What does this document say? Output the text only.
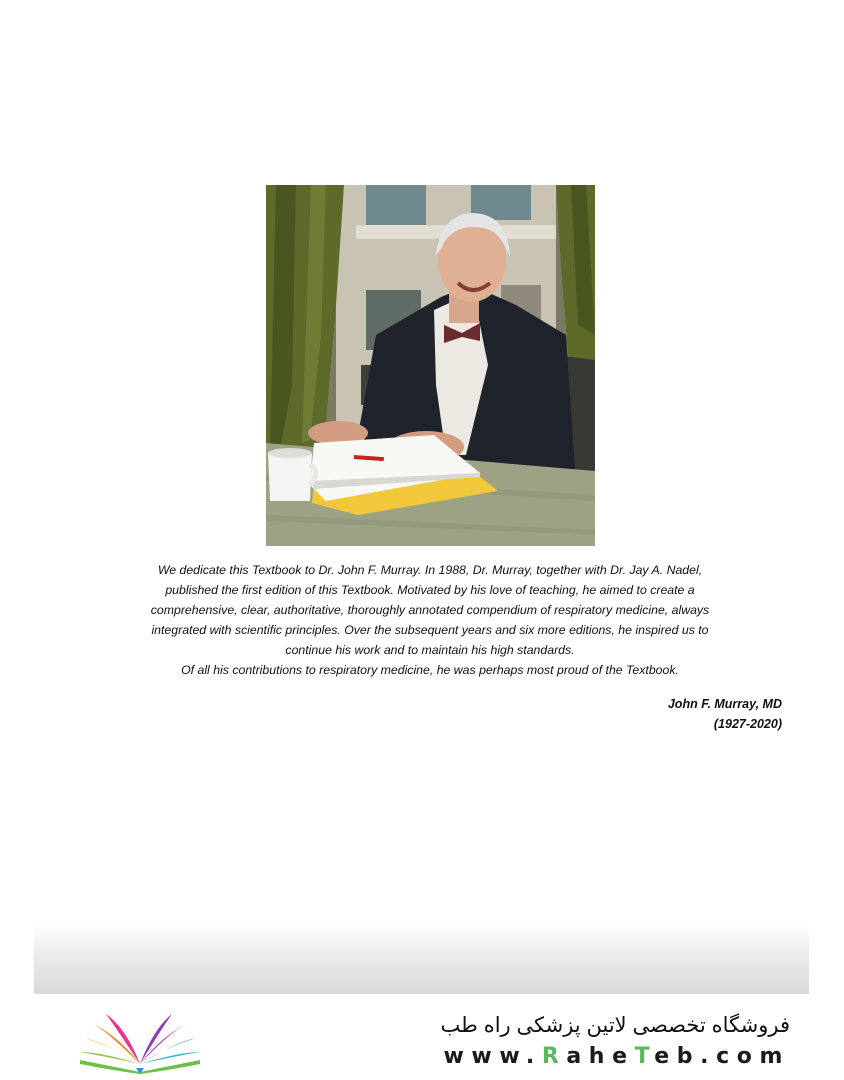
We dedicate this Textbook to Dr. John F. Murray. In 1988, Dr. Murray, together with Dr. Jay A. Nadel,

published the first edition of this Textbook. Motivated by his love of teaching, he aimed to create a

comprehensive, clear, authoritative, thoroughly annotated compendium of respiratory medicine, always

integrated with scientific principles. Over the subsequent years and six more editions, he inspired us to

continue his work and to maintain his high standards.

Of all his contributions to respiratory medicine, he was perhaps most proud of the Textbook.

John F. Murray, MD
(1927-2020)
فروشگاه تخصصی لاتین پزشکی راه طب
www.RaheTeb.com
